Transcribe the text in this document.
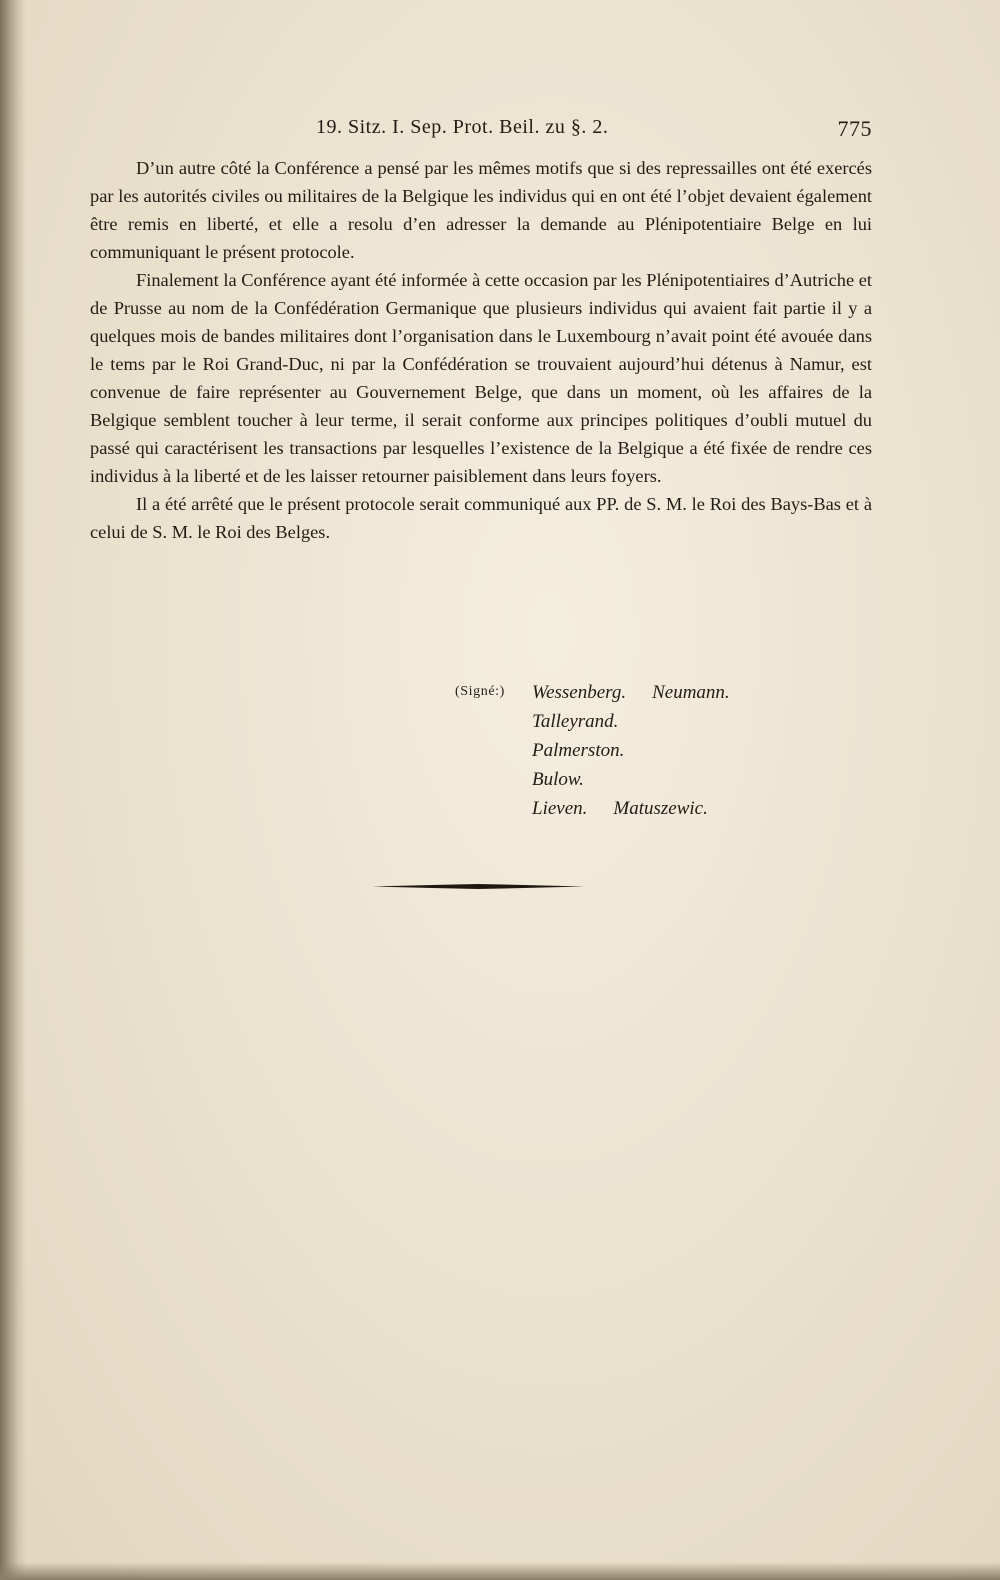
19. Sitz. I. Sep. Prot. Beil. zu §. 2.	775

D’un autre côté la Conférence a pensé par les mêmes motifs que si des repressailles ont été exercés par les autorités civiles ou militaires de la Belgique les individus qui en ont été l’objet devaient également être remis en liberté, et elle a resolu d’en adresser la demande au Plénipotentiaire Belge en lui communiquant le présent protocole.

Finalement la Conférence ayant été informée à cette occasion par les Plénipotentiaires d’Autriche et de Prusse au nom de la Confédération Germanique que plusieurs individus qui avaient fait partie il y a quelques mois de bandes militaires dont l’organisation dans le Luxembourg n’avait point été avouée dans le tems par le Roi Grand-Duc, ni par la Confédération se trouvaient aujourd’hui détenus à Namur, est convenue de faire représenter au Gouvernement Belge, que dans un moment, où les affaires de la Belgique semblent toucher à leur terme, il serait conforme aux principes politiques d’oubli mutuel du passé qui caractérisent les transactions par lesquelles l’existence de la Belgique a été fixée de rendre ces individus à la liberté et de les laisser retourner paisiblement dans leurs foyers.

Il a été arrêté que le présent protocole serait communiqué aux PP. de S. M. le Roi des Bays-Bas et à celui de S. M. le Roi des Belges.

(Signé:) Wessenberg. Neumann.
Talleyrand.
Palmerston.
Bulow.
Lieven. Matuszewic.
